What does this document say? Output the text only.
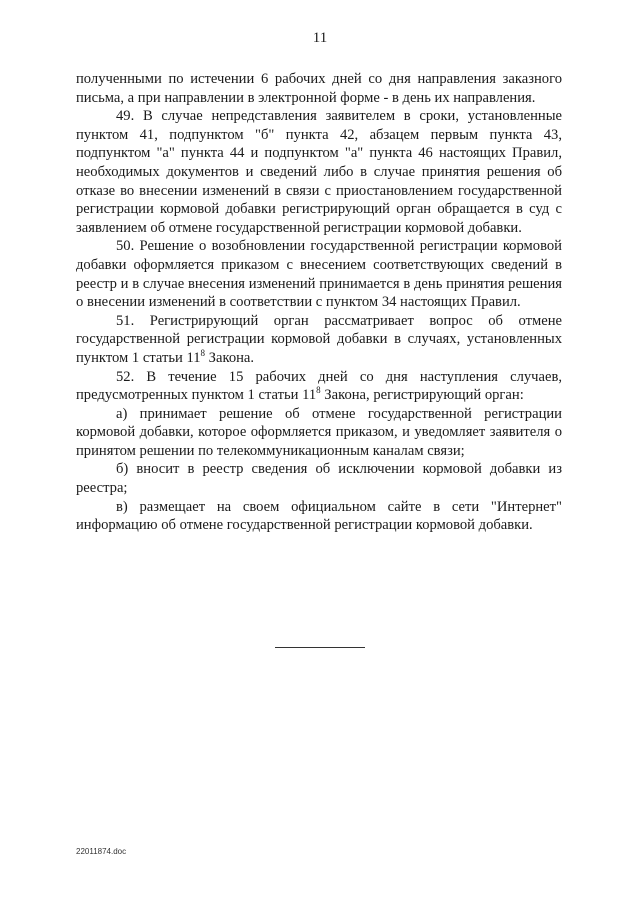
11

полученными по истечении 6 рабочих дней со дня направления заказного письма, а при направлении в электронной форме - в день их направления.

49. В случае непредставления заявителем в сроки, установленные пунктом 41, подпунктом "б" пункта 42, абзацем первым пункта 43, подпунктом "а" пункта 44 и подпунктом "а" пункта 46 настоящих Правил, необходимых документов и сведений либо в случае принятия решения об отказе во внесении изменений в связи с приостановлением государственной регистрации кормовой добавки регистрирующий орган обращается в суд с заявлением об отмене государственной регистрации кормовой добавки.

50. Решение о возобновлении государственной регистрации кормовой добавки оформляется приказом с внесением соответствующих сведений в реестр и в случае внесения изменений принимается в день принятия решения о внесении изменений в соответствии с пунктом 34 настоящих Правил.

51. Регистрирующий орган рассматривает вопрос об отмене государственной регистрации кормовой добавки в случаях, установленных пунктом 1 статьи $11^8$ Закона.

52. В течение 15 рабочих дней со дня наступления случаев, предусмотренных пунктом 1 статьи $11^8$ Закона, регистрирующий орган:

а) принимает решение об отмене государственной регистрации кормовой добавки, которое оформляется приказом, и уведомляет заявителя о принятом решении по телекоммуникационным каналам связи;

б) вносит в реестр сведения об исключении кормовой добавки из реестра;

в) размещает на своем официальном сайте в сети "Интернет" информацию об отмене государственной регистрации кормовой добавки.

22011874.doc
